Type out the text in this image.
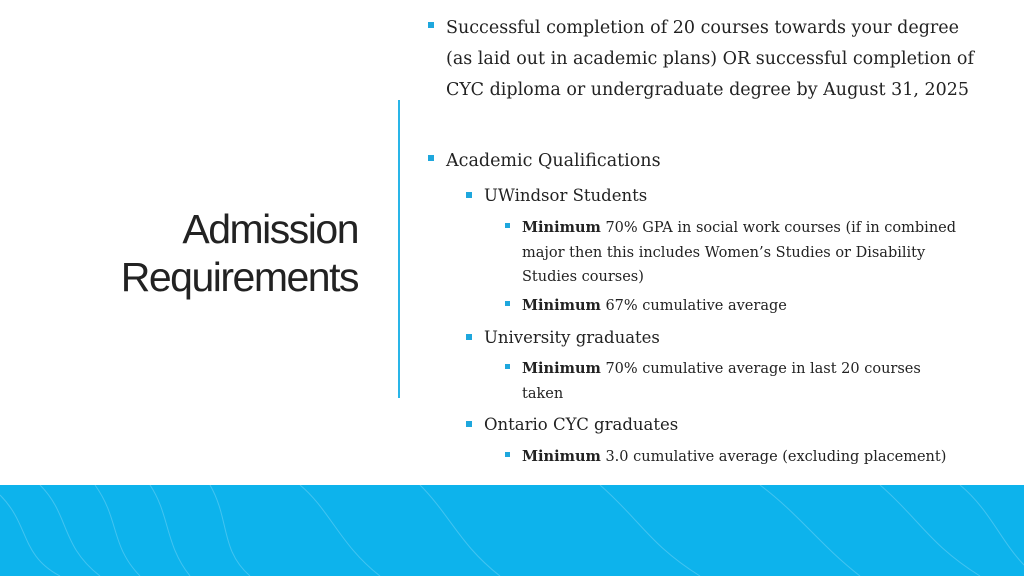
Admission
Requirements
Successful completion of 20 courses towards your degree (as laid out in academic plans) OR successful completion of CYC diploma or undergraduate degree by August 31, 2025
Academic Qualifications
UWindsor Students
Minimum 70% GPA in social work courses (if in combined major then this includes Women’s Studies or Disability Studies courses)
Minimum 67% cumulative average
University graduates
Minimum 70% cumulative average in last 20 courses taken
Ontario CYC graduates
Minimum 3.0 cumulative average (excluding placement)
